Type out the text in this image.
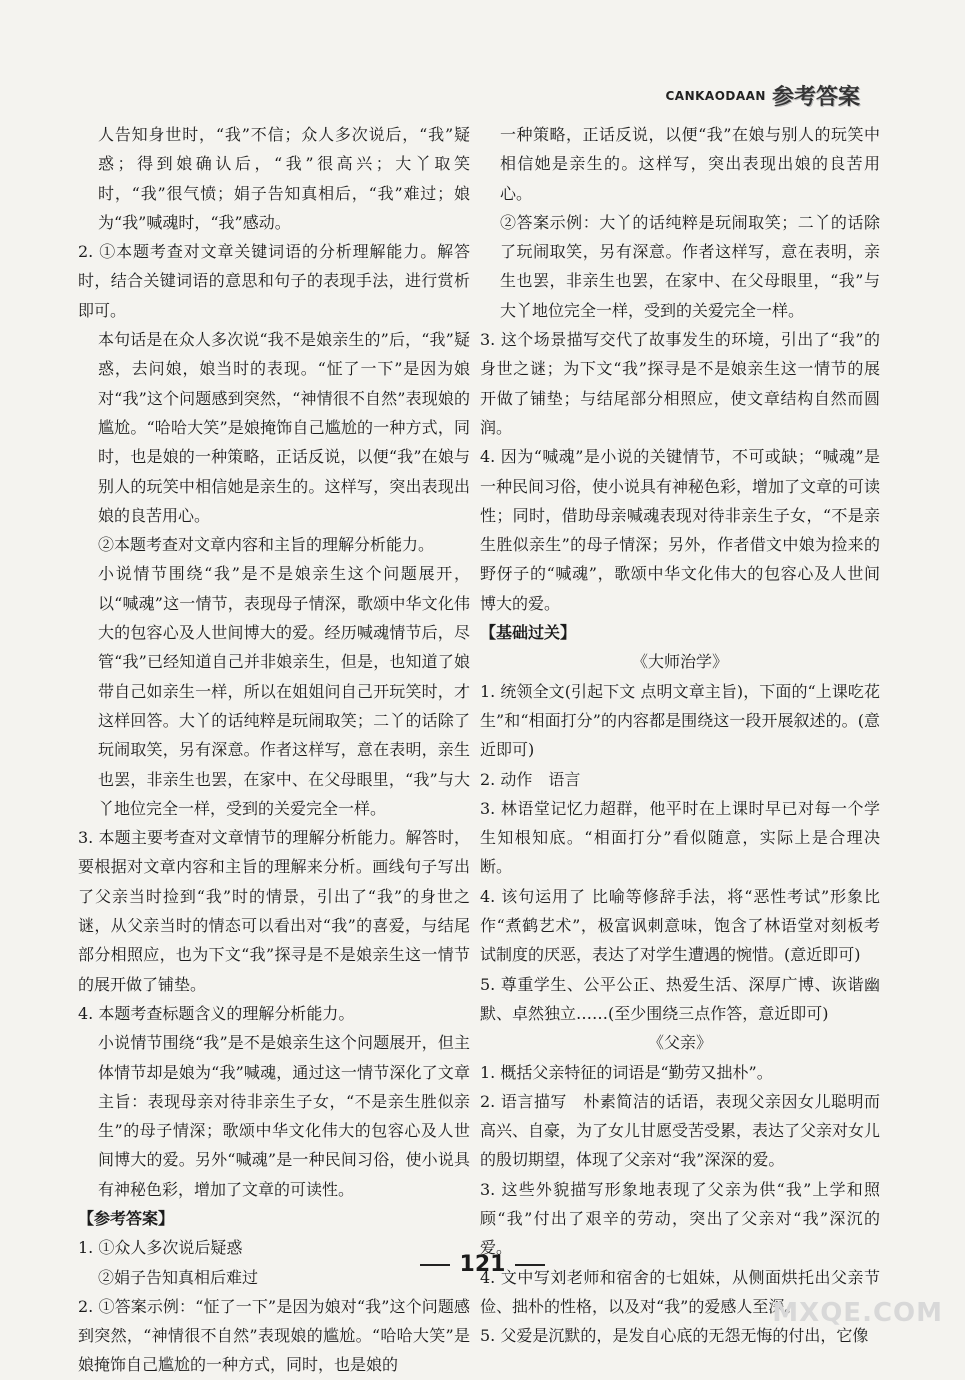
CANKAODAAN 参考答案

人告知身世时，“我”不信；众人多次说后，“我”疑惑；得到娘确认后，“我”很高兴；大丫取笑时，“我”很气愤；娟子告知真相后，“我”难过；娘为“我”喊魂时，“我”感动。

2. ①本题考查对文章关键词语的分析理解能力。解答时，结合关键词语的意思和句子的表现手法，进行赏析即可。

本句话是在众人多次说“我不是娘亲生的”后，“我”疑惑，去问娘，娘当时的表现。“怔了一下”是因为娘对“我”这个问题感到突然，“神情很不自然”表现娘的尴尬。“哈哈大笑”是娘掩饰自己尴尬的一种方式，同时，也是娘的一种策略，正话反说，以便“我”在娘与别人的玩笑中相信她是亲生的。这样写，突出表现出娘的良苦用心。

②本题考查对文章内容和主旨的理解分析能力。

小说情节围绕“我”是不是娘亲生这个问题展开，以“喊魂”这一情节，表现母子情深，歌颂中华文化伟大的包容心及人世间博大的爱。经历喊魂情节后，尽管“我”已经知道自己并非娘亲生，但是，也知道了娘带自己如亲生一样，所以在姐姐问自己开玩笑时，才这样回答。大丫的话纯粹是玩闹取笑；二丫的话除了玩闹取笑，另有深意。作者这样写，意在表明，亲生也罢，非亲生也罢，在家中、在父母眼里，“我”与大丫地位完全一样，受到的关爱完全一样。

3. 本题主要考查对文章情节的理解分析能力。解答时，要根据对文章内容和主旨的理解来分析。画线句子写出了父亲当时捡到“我”时的情景，引出了“我”的身世之谜，从父亲当时的情态可以看出对“我”的喜爱，与结尾部分相照应，也为下文“我”探寻是不是娘亲生这一情节的展开做了铺垫。

4. 本题考查标题含义的理解分析能力。

小说情节围绕“我”是不是娘亲生这个问题展开，但主体情节却是娘为“我”喊魂，通过这一情节深化了文章主旨：表现母亲对待非亲生子女，“不是亲生胜似亲生”的母子情深；歌颂中华文化伟大的包容心及人世间博大的爱。另外“喊魂”是一种民间习俗，使小说具有神秘色彩，增加了文章的可读性。

【参考答案】

1. ①众人多次说后疑惑

②娟子告知真相后难过

2. ①答案示例：“怔了一下”是因为娘对“我”这个问题感到突然，“神情很不自然”表现娘的尴尬。“哈哈大笑”是娘掩饰自己尴尬的一种方式，同时，也是娘的

一种策略，正话反说，以便“我”在娘与别人的玩笑中相信她是亲生的。这样写，突出表现出娘的良苦用心。

②答案示例：大丫的话纯粹是玩闹取笑；二丫的话除了玩闹取笑，另有深意。作者这样写，意在表明，亲生也罢，非亲生也罢，在家中、在父母眼里，“我”与大丫地位完全一样，受到的关爱完全一样。

3. 这个场景描写交代了故事发生的环境，引出了“我”的身世之谜；为下文“我”探寻是不是娘亲生这一情节的展开做了铺垫；与结尾部分相照应，使文章结构自然而圆润。

4. 因为“喊魂”是小说的关键情节，不可或缺；“喊魂”是一种民间习俗，使小说具有神秘色彩，增加了文章的可读性；同时，借助母亲喊魂表现对待非亲生子女，“不是亲生胜似亲生”的母子情深；另外，作者借文中娘为捡来的野伢子的“喊魂”，歌颂中华文化伟大的包容心及人世间博大的爱。

【基础过关】

《大师治学》

1. 统领全文(引起下文 点明文章主旨)，下面的“上课吃花生”和“相面打分”的内容都是围绕这一段开展叙述的。(意近即可)

2. 动作　语言

3. 林语堂记忆力超群，他平时在上课时早已对每一个学生知根知底。“相面打分”看似随意，实际上是合理决断。

4. 该句运用了 比喻等修辞手法，将“恶性考试”形象比作“煮鹤艺术”，极富讽刺意味，饱含了林语堂对刻板考试制度的厌恶，表达了对学生遭遇的惋惜。(意近即可)

5. 尊重学生、公平公正、热爱生活、深厚广博、诙谐幽默、卓然独立……(至少围绕三点作答，意近即可)

《父亲》

1. 概括父亲特征的词语是“勤劳又拙朴”。

2. 语言描写　朴素简洁的话语，表现父亲因女儿聪明而高兴、自豪，为了女儿甘愿受苦受累，表达了父亲对女儿的殷切期望，体现了父亲对“我”深深的爱。

3. 这些外貌描写形象地表现了父亲为供“我”上学和照顾“我”付出了艰辛的劳动，突出了父亲对“我”深沉的爱。

4. 文中写刘老师和宿舍的七姐妹，从侧面烘托出父亲节俭、拙朴的性格，以及对“我”的爱感人至深。

5. 父爱是沉默的，是发自心底的无怨无悔的付出，它像

121
MXQE.COM
